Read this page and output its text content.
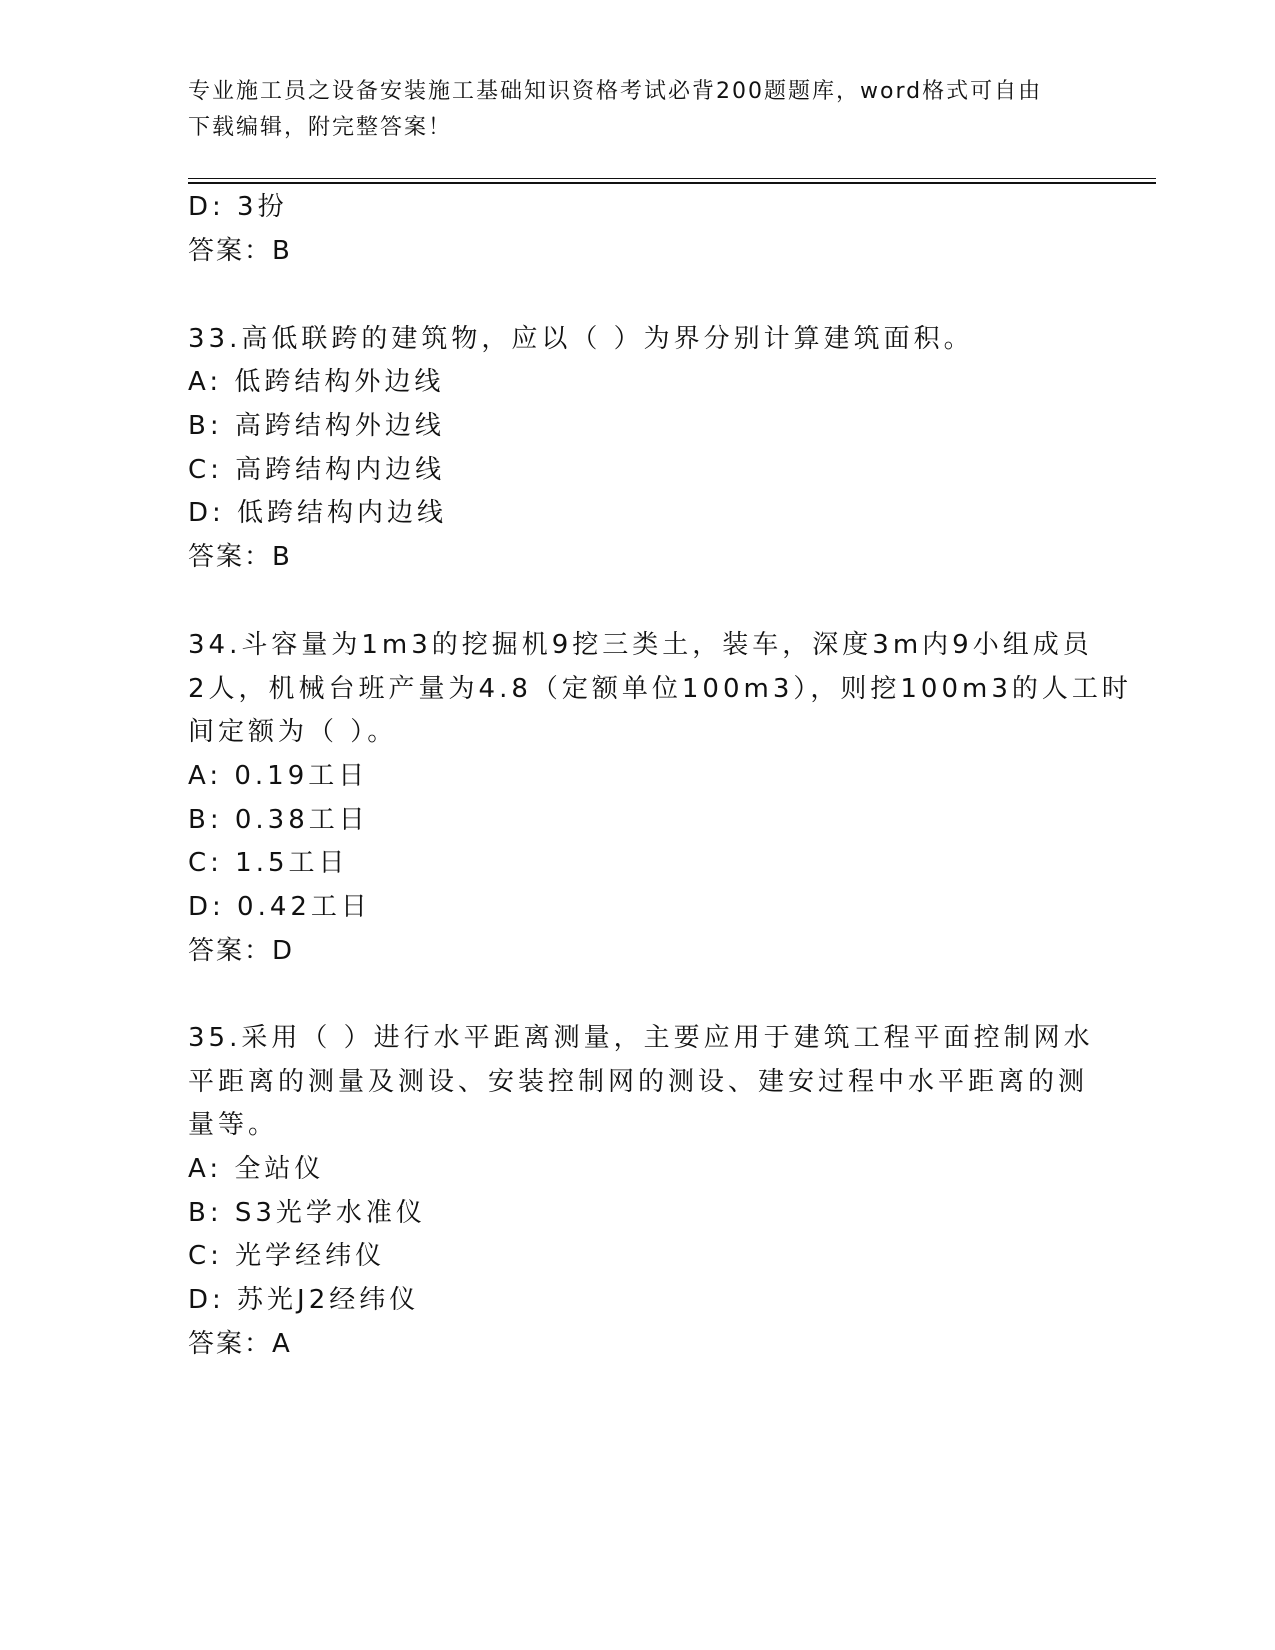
专业施工员之设备安装施工基础知识资格考试必背200题题库，word格式可自由
下载编辑，附完整答案！
D: 3扮
答案：B
33.高低联跨的建筑物，应以（ ）为界分别计算建筑面积。
A: 低跨结构外边线
B: 高跨结构外边线
C: 高跨结构内边线
D: 低跨结构内边线
答案：B
34.斗容量为1m3的挖掘机9挖三类土，装车，深度3m内9小组成员
2人，机械台班产量为4.8（定额单位100m3），则挖100m3的人工时
间定额为（ ）。
A: 0.19工日
B: 0.38工日
C: 1.5工日
D: 0.42工日
答案：D
35.采用（ ）进行水平距离测量，主要应用于建筑工程平面控制网水
平距离的测量及测设、安装控制网的测设、建安过程中水平距离的测
量等。
A: 全站仪
B: S3光学水准仪
C: 光学经纬仪
D: 苏光J2经纬仪
答案：A
